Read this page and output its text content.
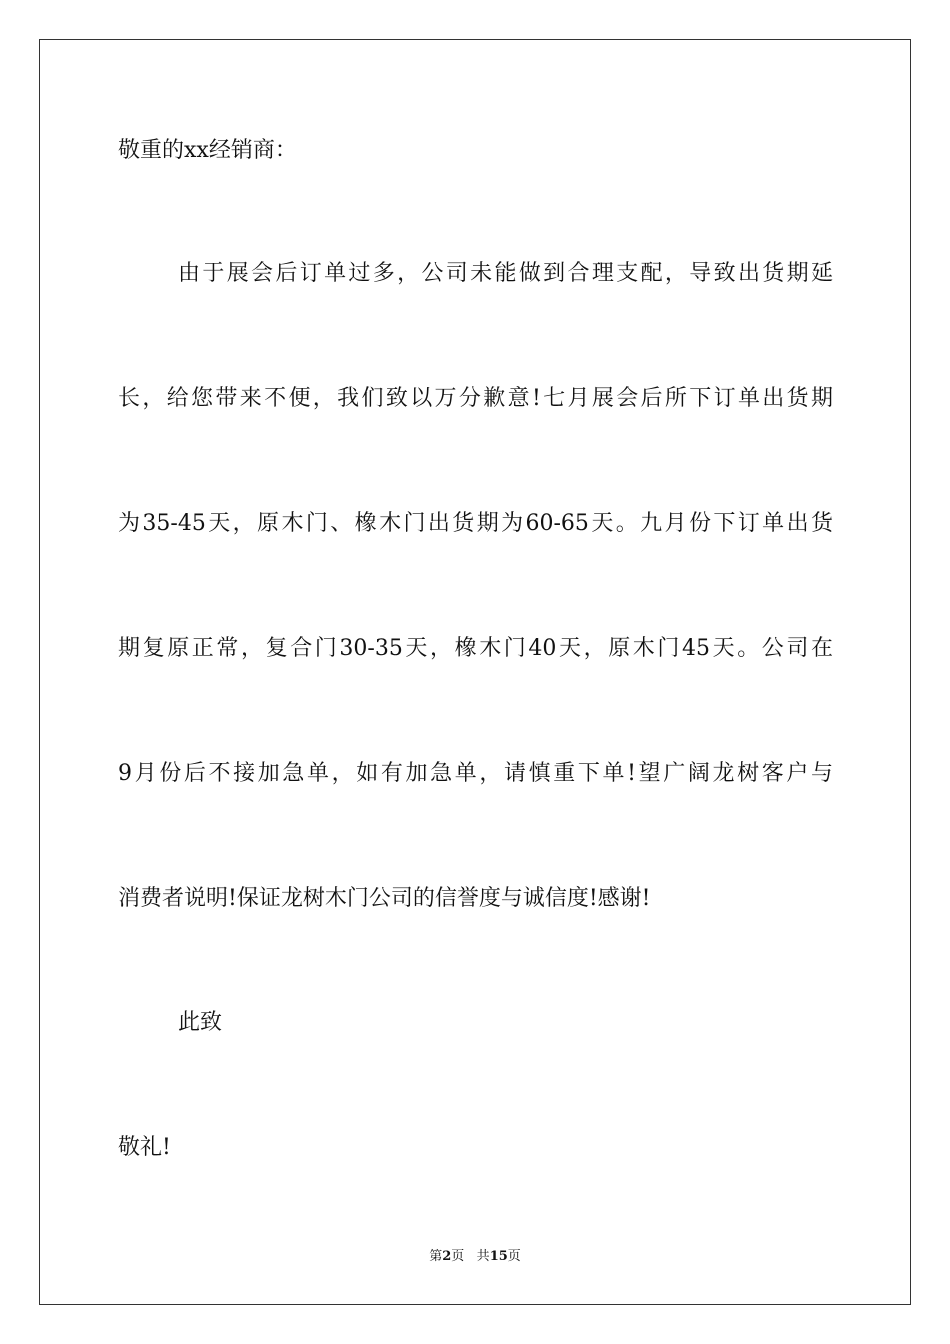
敬重的xx经销商：
由于展会后订单过多，公司未能做到合理支配，导致出货期延
长，给您带来不便，我们致以万分歉意!七月展会后所下订单出货期
为35-45天，原木门、橡木门出货期为60-65天。九月份下订单出货
期复原正常，复合门30-35天，橡木门40天，原木门45天。公司在
9月份后不接加急单，如有加急单，请慎重下单!望广阔龙树客户与
消费者说明!保证龙树木门公司的信誉度与诚信度!感谢!
此致
敬礼!
第2页 共15页
